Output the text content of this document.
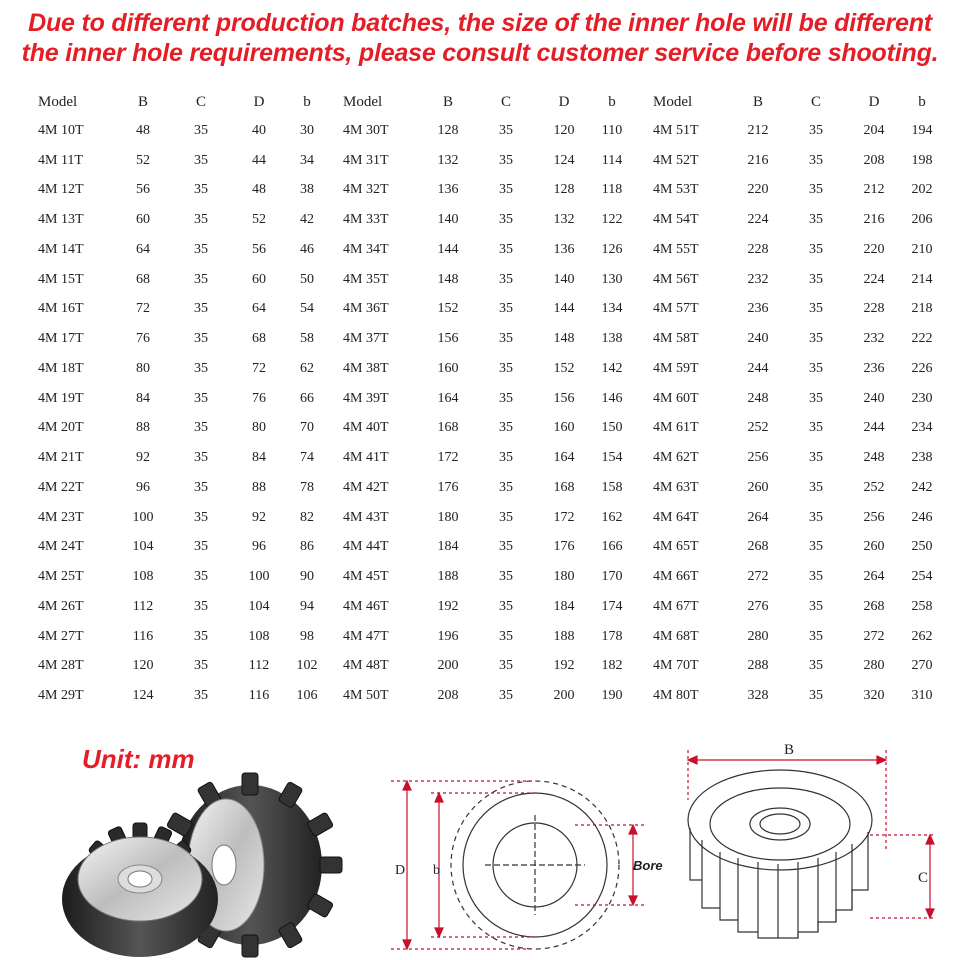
Due to different production batches, the size of the inner hole will be different
the inner hole requirements, please consult customer service before shooting.
Model	B	C	D	b
4M 10T	48	35	40	30
4M 11T	52	35	44	34
4M 12T	56	35	48	38
4M 13T	60	35	52	42
4M 14T	64	35	56	46
4M 15T	68	35	60	50
4M 16T	72	35	64	54
4M 17T	76	35	68	58
4M 18T	80	35	72	62
4M 19T	84	35	76	66
4M 20T	88	35	80	70
4M 21T	92	35	84	74
4M 22T	96	35	88	78
4M 23T	100	35	92	82
4M 24T	104	35	96	86
4M 25T	108	35	100	90
4M 26T	112	35	104	94
4M 27T	116	35	108	98
4M 28T	120	35	112	102
4M 29T	124	35	116	106
Model	B	C	D	b
4M 30T	128	35	120	110
4M 31T	132	35	124	114
4M 32T	136	35	128	118
4M 33T	140	35	132	122
4M 34T	144	35	136	126
4M 35T	148	35	140	130
4M 36T	152	35	144	134
4M 37T	156	35	148	138
4M 38T	160	35	152	142
4M 39T	164	35	156	146
4M 40T	168	35	160	150
4M 41T	172	35	164	154
4M 42T	176	35	168	158
4M 43T	180	35	172	162
4M 44T	184	35	176	166
4M 45T	188	35	180	170
4M 46T	192	35	184	174
4M 47T	196	35	188	178
4M 48T	200	35	192	182
4M 50T	208	35	200	190
Model	B	C	D	b
4M 51T	212	35	204	194
4M 52T	216	35	208	198
4M 53T	220	35	212	202
4M 54T	224	35	216	206
4M 55T	228	35	220	210
4M 56T	232	35	224	214
4M 57T	236	35	228	218
4M 58T	240	35	232	222
4M 59T	244	35	236	226
4M 60T	248	35	240	230
4M 61T	252	35	244	234
4M 62T	256	35	248	238
4M 63T	260	35	252	242
4M 64T	264	35	256	246
4M 65T	268	35	260	250
4M 66T	272	35	264	254
4M 67T	276	35	268	258
4M 68T	280	35	272	262
4M 70T	288	35	280	270
4M 80T	328	35	320	310
Unit: mm
D b	Bore
B
C
